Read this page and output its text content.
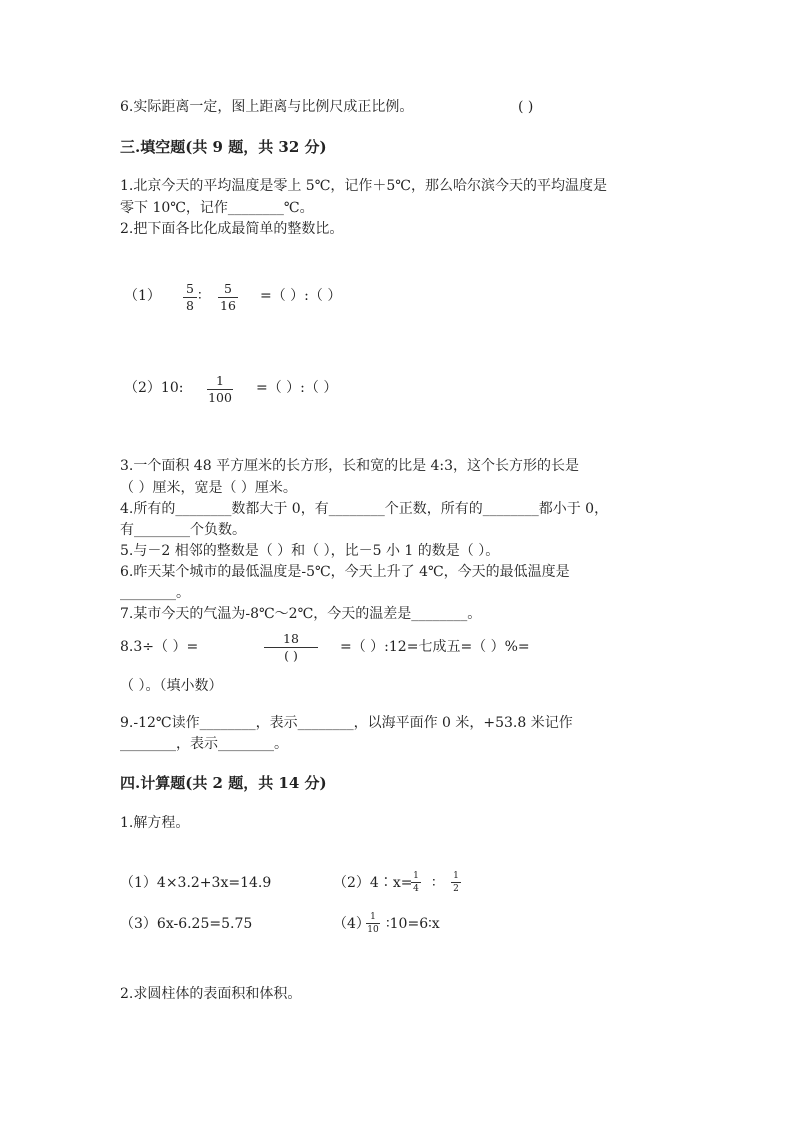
6.实际距离一定，图上距离与比例尺成正比例。	( )
三.填空题(共 9 题，共 32 分)
1.北京今天的平均温度是零上 5℃，记作＋5℃，那么哈尔滨今天的平均温度是
零下 10℃，记作________℃。
2.把下面各比化成最简单的整数比。
（1） 5
8
∶	5
16
=（ ）:（ ）
（2）10:	1
100
=（ ）:（ ）
3.一个面积 48 平方厘米的长方形，长和宽的比是 4:3，这个长方形的长是
（ ）厘米，宽是（ ）厘米。
4.所有的________数都大于 0，有________个正数，所有的________都小于 0，
有________个负数。
5.与－2 相邻的整数是（ ）和（ ），比－5 小 1 的数是（ ）。
6.昨天某个城市的最低温度是-5℃，今天上升了 4℃，今天的最低温度是
________。
7.某市今天的气温为-8℃～2℃，今天的温差是________。
8.3÷（ ）=
18
( )
=（ ）:12=七成五=（ ）%=
（ ）。（填小数）
9.-12℃读作________，表示________，以海平面作 0 米，+53.8 米记作
________，表示________。
四.计算题(共 2 题，共 14 分)
1.解方程。
（1）4×3.2+3x=14.9	（2）4∶x= 1
4 ∶ 1
2
（3）6x-6.25=5.75	（4） 1
10 ∶10=6∶x
2.求圆柱体的表面积和体积。
